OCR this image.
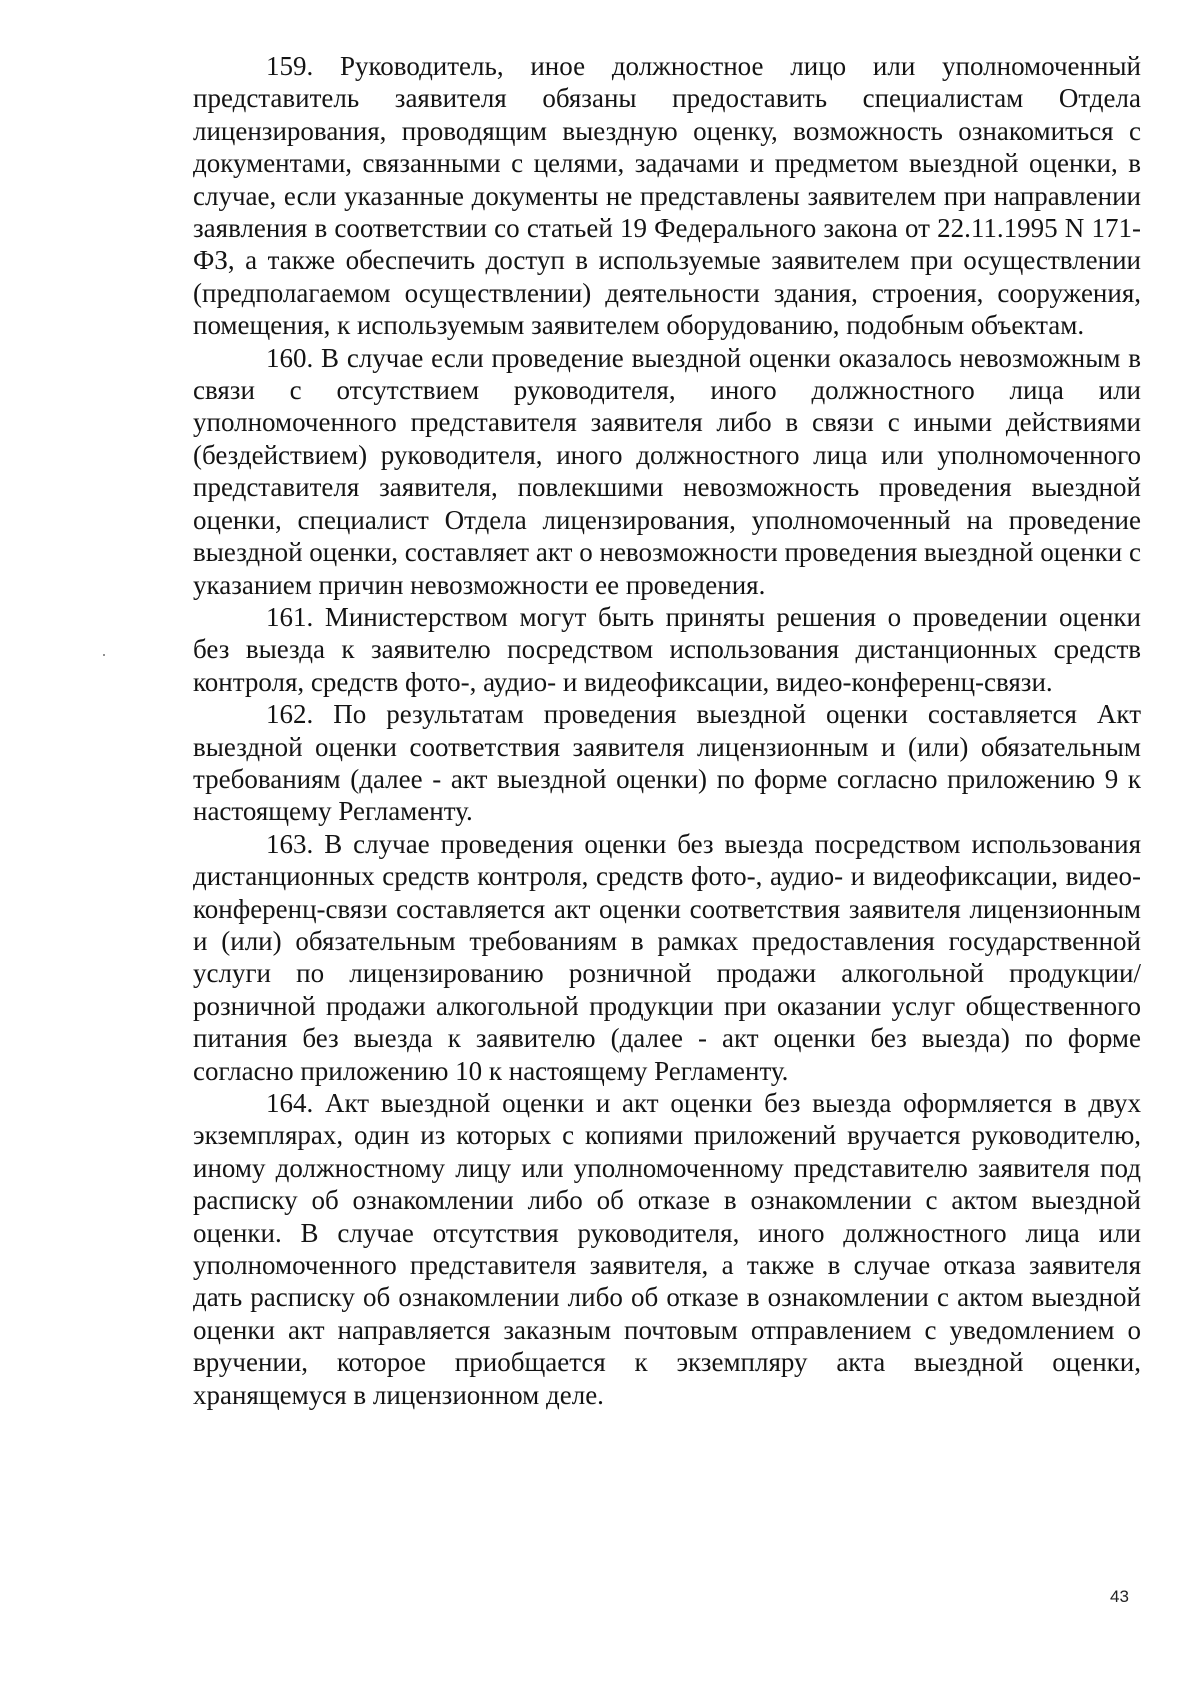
159. Руководитель, иное должностное лицо или уполномоченный представитель заявителя обязаны предоставить специалистам Отдела лицензирования, проводящим выездную оценку, возможность ознакомиться с документами, связанными с целями, задачами и предметом выездной оценки, в случае, если указанные документы не представлены заявителем при направлении заявления в соответствии со статьей 19 Федерального закона от 22.11.1995 N 171-ФЗ, а также обеспечить доступ в используемые заявителем при осуществлении (предполагаемом осуществлении) деятельности здания, строения, сооружения, помещения, к используемым заявителем оборудованию, подобным объектам.

160. В случае если проведение выездной оценки оказалось невозможным в связи с отсутствием руководителя, иного должностного лица или уполномоченного представителя заявителя либо в связи с иными действиями (бездействием) руководителя, иного должностного лица или уполномоченного представителя заявителя, повлекшими невозможность проведения выездной оценки, специалист Отдела лицензирования, уполномоченный на проведение выездной оценки, составляет акт о невозможности проведения выездной оценки с указанием причин невозможности ее проведения.

161. Министерством могут быть приняты решения о проведении оценки без выезда к заявителю посредством использования дистанционных средств контроля, средств фото-, аудио- и видеофиксации, видео-конференц-связи.

162. По результатам проведения выездной оценки составляется Акт выездной оценки соответствия заявителя лицензионным и (или) обязательным требованиям (далее - акт выездной оценки) по форме согласно приложению 9 к настоящему Регламенту.

163. В случае проведения оценки без выезда посредством использования дистанционных средств контроля, средств фото-, аудио- и видеофиксации, видео-конференц-связи составляется акт оценки соответствия заявителя лицензионным и (или) обязательным требованиям в рамках предоставления государственной услуги по лицензированию розничной продажи алкогольной продукции/розничной продажи алкогольной продукции при оказании услуг общественного питания без выезда к заявителю (далее - акт оценки без выезда) по форме согласно приложению 10 к настоящему Регламенту.

164. Акт выездной оценки и акт оценки без выезда оформляется в двух экземплярах, один из которых с копиями приложений вручается руководителю, иному должностному лицу или уполномоченному представителю заявителя под расписку об ознакомлении либо об отказе в ознакомлении с актом выездной оценки. В случае отсутствия руководителя, иного должностного лица или уполномоченного представителя заявителя, а также в случае отказа заявителя дать расписку об ознакомлении либо об отказе в ознакомлении с актом выездной оценки акт направляется заказным почтовым отправлением с уведомлением о вручении, которое приобщается к экземпляру акта выездной оценки, хранящемуся в лицензионном деле.

43
